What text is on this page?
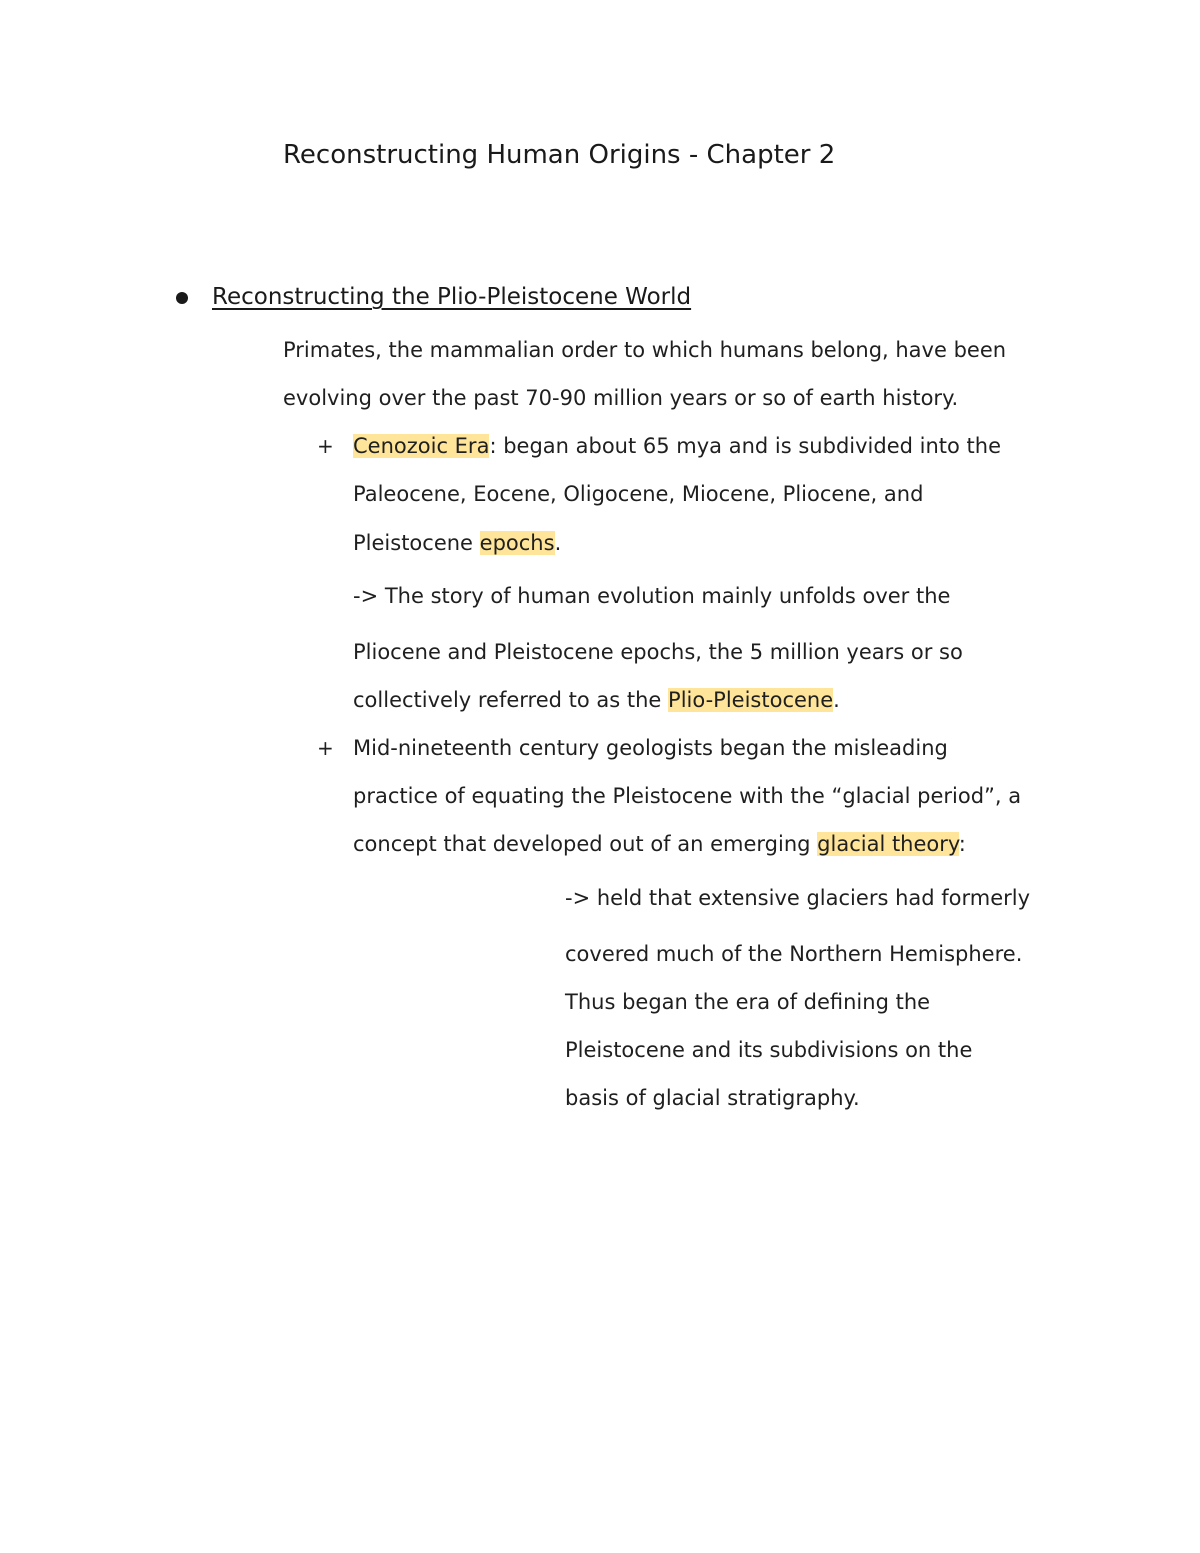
Reconstructing Human Origins - Chapter 2
Reconstructing the Plio-Pleistocene World
Primates, the mammalian order to which humans belong, have been
evolving over the past 70-90 million years or so of earth history.
+ Cenozoic Era: began about 65 mya and is subdivided into the
Paleocene, Eocene, Oligocene, Miocene, Pliocene, and
Pleistocene epochs.
-> The story of human evolution mainly unfolds over the
Pliocene and Pleistocene epochs, the 5 million years or so
collectively referred to as the Plio-Pleistocene.
+ Mid-nineteenth century geologists began the misleading
practice of equating the Pleistocene with the “glacial period”, a
concept that developed out of an emerging glacial theory:
-> held that extensive glaciers had formerly
covered much of the Northern Hemisphere.
Thus began the era of defining the
Pleistocene and its subdivisions on the
basis of glacial stratigraphy.
